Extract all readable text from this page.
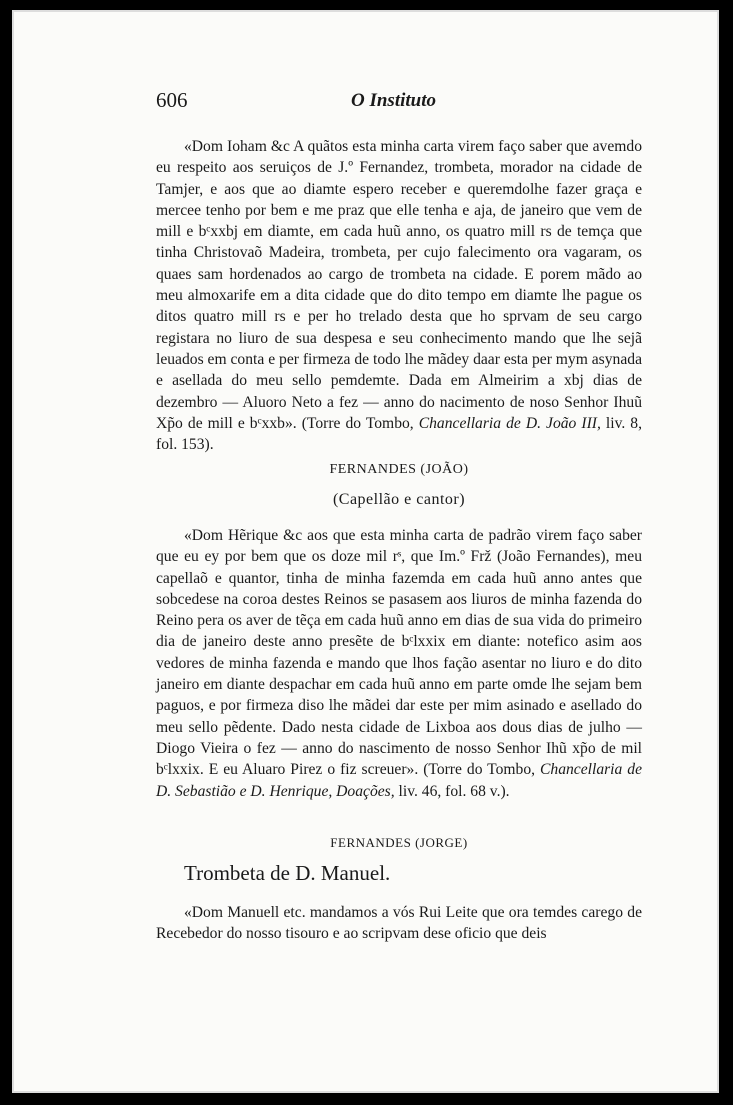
606	O Instituto
«Dom Ioham &c A quãtos esta minha carta virem faço saber que avemdo eu respeito aos seruiços de J.º Fernandez, trombeta, morador na cidade de Tamjer, e aos que ao diamte espero receber e queremdolhe fazer graça e mercee tenho por bem e me praz que elle tenha e aja, de janeiro que vem de mill e bᶜxxbj em diamte, em cada huũ anno, os quatro mill rs de temça que tinha Christovaõ Madeira, trombeta, per cujo falecimento ora vagaram, os quaes sam hordenados ao cargo de trombeta na cidade. E porem mãdo ao meu almoxarife em a dita cidade que do dito tempo em diamte lhe pague os ditos quatro mill rs e per ho trelado desta que ho sprvam de seu cargo registara no liuro de sua despesa e seu conhecimento mando que lhe sejã leuados em conta e per firmeza de todo lhe mãdey daar esta per mym asynada e asellada do meu sello pemdemte. Dada em Almeirim a xbj dias de dezembro — Aluoro Neto a fez — anno do nacimento de noso Senhor Ihuũ Xp̃o de mill e bᶜxxb». (Torre do Tombo, Chancellaria de D. João III, liv. 8, fol. 153).
FERNANDES (JOÃO)
(Capellão e cantor)
«Dom Hẽrique &c aos que esta minha carta de padrão virem faço saber que eu ey por bem que os doze mil rˢ, que Im.º Frž (João Fernandes), meu capellaõ e quantor, tinha de minha fazemda em cada huũ anno antes que sobcedese na coroa destes Reinos se pasasem aos liuros de minha fazenda do Reino pera os aver de tẽça em cada huũ anno em dias de sua vida do primeiro dia de janeiro deste anno presẽte de bᶜlxxix em diante: notefico asim aos vedores de minha fazenda e mando que lhos fação asentar no liuro e do dito janeiro em diante despachar em cada huũ anno em parte omde lhe sejam bem paguos, e por firmeza diso lhe mãdei dar este per mim asinado e asellado do meu sello pẽdente. Dado nesta cidade de Lixboa aos dous dias de julho — Diogo Vieira o fez — anno do nascimento de nosso Senhor Ihũ xp̃o de mil bᶜlxxix. E eu Aluaro Pirez o fiz screuer». (Torre do Tombo, Chancellaria de D. Sebastião e D. Henrique, Doações, liv. 46, fol. 68 v.).
FERNANDES (JORGE)
Trombeta de D. Manuel.
«Dom Manuell etc. mandamos a vós Rui Leite que ora temdes carego de Recebedor do nosso tisouro e ao scripvam dese oficio que deis
